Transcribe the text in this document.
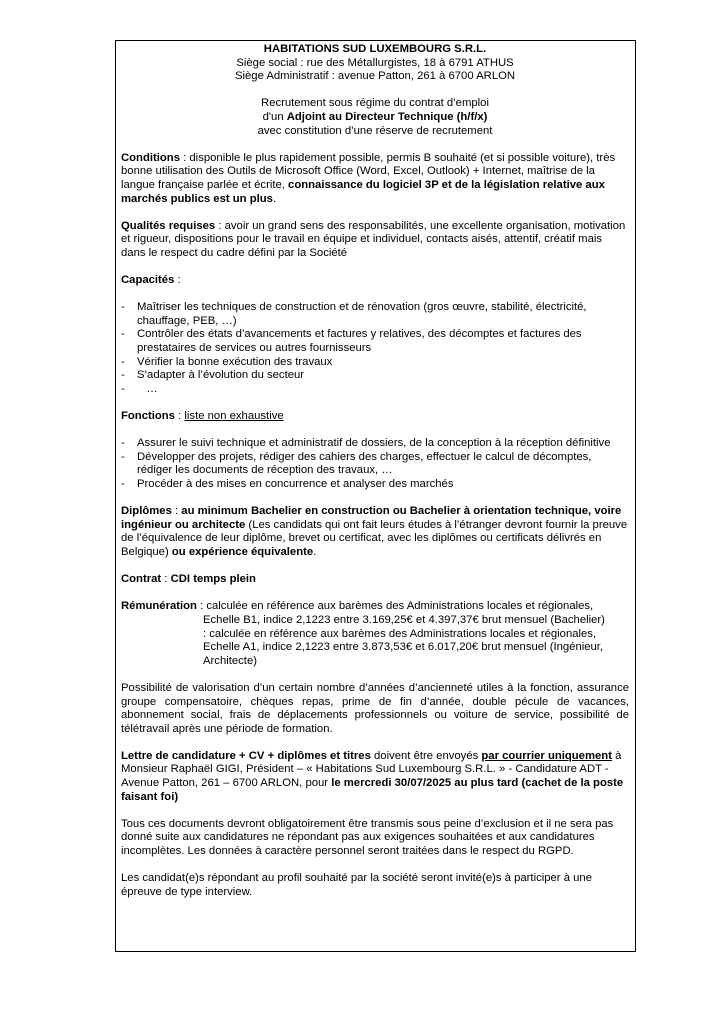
HABITATIONS SUD LUXEMBOURG S.R.L.
Siège social : rue des Métallurgistes, 18 à 6791 ATHUS
Siège Administratif : avenue Patton, 261 à 6700 ARLON
Recrutement sous régime du contrat d’emploi
d'un Adjoint au Directeur Technique (h/f/x)
avec constitution d’une réserve de recrutement

Conditions : disponible le plus rapidement possible, permis B souhaité (et si possible voiture), très bonne utilisation des Outils de Microsoft Office (Word, Excel, Outlook) + Internet, maîtrise de la langue française parlée et écrite, connaissance du logiciel 3P et de la législation relative aux marchés publics est un plus.

Qualités requises : avoir un grand sens des responsabilités, une excellente organisation, motivation et rigueur, dispositions pour le travail en équipe et individuel, contacts aisés, attentif, créatif mais dans le respect du cadre défini par la Société

Capacités :

-	Maîtriser les techniques de construction et de rénovation (gros œuvre, stabilité, électricité, chauffage, PEB, …)
-	Contrôler des états d’avancements et factures y relatives, des décomptes et factures des prestataires de services ou autres fournisseurs
-	Vérifier la bonne exécution des travaux
-	S’adapter à l’évolution du secteur
-	…

Fonctions : liste non exhaustive

-	Assurer le suivi technique et administratif de dossiers, de la conception à la réception définitive
-	Développer des projets, rédiger des cahiers des charges, effectuer le calcul de décomptes, rédiger les documents de réception des travaux, …
-	Procéder à des mises en concurrence et analyser des marchés

Diplômes : au minimum Bachelier en construction ou Bachelier à orientation technique, voire ingénieur ou architecte (Les candidats qui ont fait leurs études à l’étranger devront fournir la preuve de l’équivalence de leur diplôme, brevet ou certificat, avec les diplômes ou certificats délivrés en Belgique) ou expérience équivalente.

Contrat : CDI temps plein

Rémunération : calculée en référence aux barèmes des Administrations locales et régionales,
Echelle B1, indice 2,1223 entre 3.169,25€ et 4.397,37€ brut mensuel (Bachelier)
: calculée en référence aux barèmes des Administrations locales et régionales,
Echelle A1, indice 2,1223 entre 3.873,53€ et 6.017,20€ brut mensuel (Ingénieur, Architecte)

Possibilité de valorisation d’un certain nombre d’années d’ancienneté utiles à la fonction, assurance groupe compensatoire, chèques repas, prime de fin d’année, double pécule de vacances, abonnement social, frais de déplacements professionnels ou voiture de service, possibilité de télétravail après une période de formation.

Lettre de candidature + CV + diplômes et titres doivent être envoyés par courrier uniquement à Monsieur Raphaël GIGI, Président – « Habitations Sud Luxembourg S.R.L. » - Candidature ADT - Avenue Patton, 261 – 6700 ARLON, pour le mercredi 30/07/2025 au plus tard (cachet de la poste faisant foi)

Tous ces documents devront obligatoirement être transmis sous peine d’exclusion et il ne sera pas donné suite aux candidatures ne répondant pas aux exigences souhaitées et aux candidatures incomplètes. Les données à caractère personnel seront traitées dans le respect du RGPD.

Les candidat(e)s répondant au profil souhaité par la société seront invité(e)s à participer à une épreuve de type interview.
